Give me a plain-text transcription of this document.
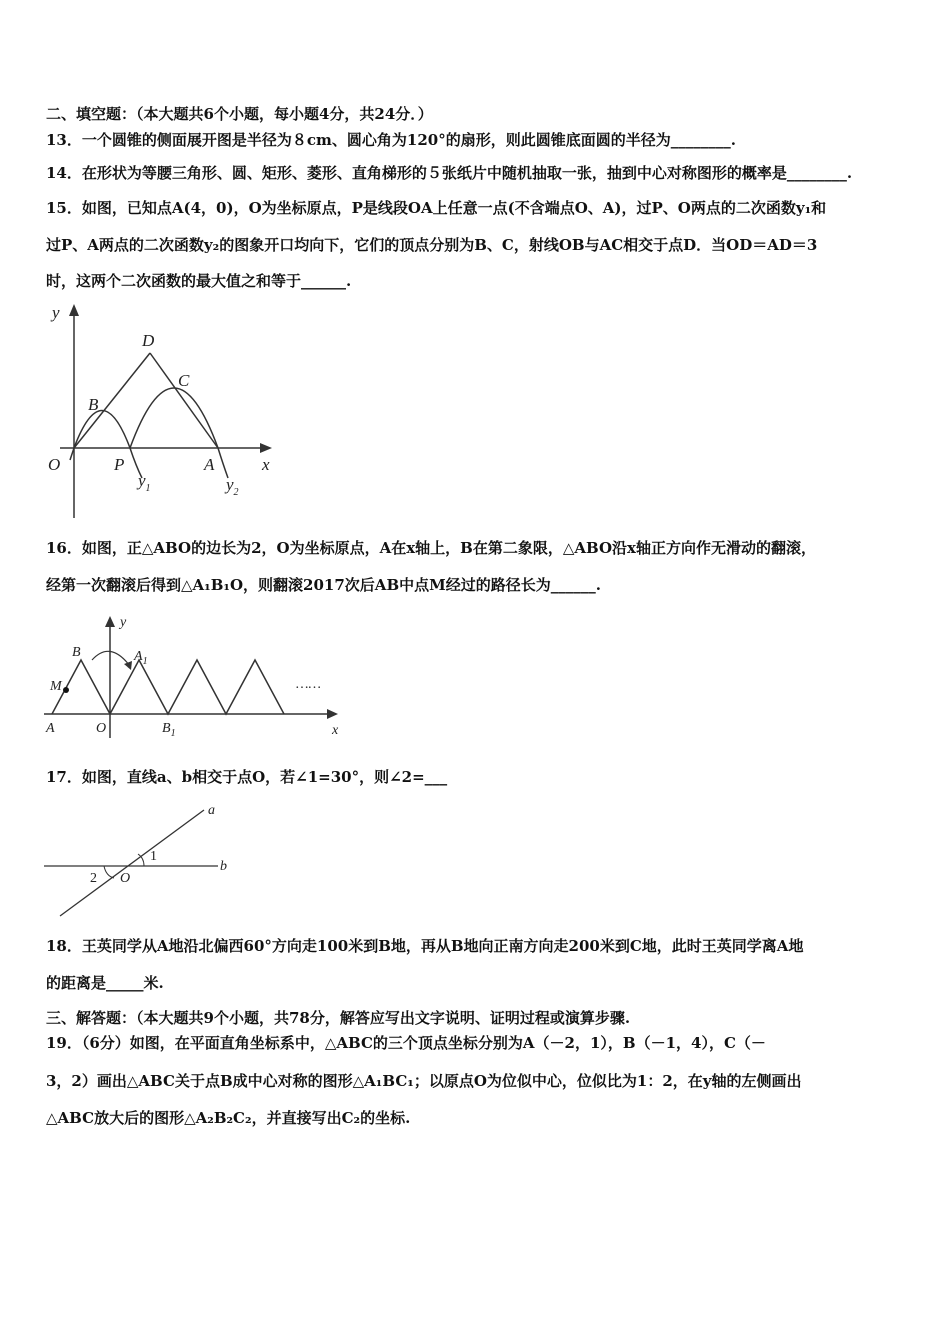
二、填空题：（本大题共6个小题，每小题4分，共24分．）
13．一个圆锥的侧面展开图是半径为８cm、圆心角为120°的扇形，则此圆锥底面圆的半径为________.
14．在形状为等腰三角形、圆、矩形、菱形、直角梯形的５张纸片中随机抽取一张，抽到中心对称图形的概率是________.
15．如图，已知点A(4，0)，O为坐标原点，P是线段OA上任意一点(不含端点O、A)，过P、O两点的二次函数y₁和
过P、A两点的二次函数y₂的图象开口均向下，它们的顶点分别为B、C，射线OB与AC相交于点D．当OD＝AD＝3
时，这两个二次函数的最大值之和等于______.
y
x
D
C
B
O	P	A
$y_1$	$y_2$
16．如图，正△ABO的边长为2，O为坐标原点，A在x轴上，B在第二象限，△ABO沿x轴正方向作无滑动的翻滚，
经第一次翻滚后得到△A₁B₁O，则翻滚2017次后AB中点M经过的路径长为______.
……
y
x
B	$A_1$
M
A	O	$B_1$
17．如图，直线a、b相交于点O，若∠1=30°，则∠2=___
a
b
1
2 O
18．王英同学从A地沿北偏西60°方向走100米到B地，再从B地向正南方向走200米到C地，此时王英同学离A地
的距离是_____米.
三、解答题：（本大题共9个小题，共78分，解答应写出文字说明、证明过程或演算步骤.
19．（6分）如图，在平面直角坐标系中，△ABC的三个顶点坐标分别为A（－2，1），B（－1，4），C（－
3，2）画出△ABC关于点B成中心对称的图形△A₁BC₁；以原点O为位似中心，位似比为1：2，在y轴的左侧画出
△ABC放大后的图形△A₂B₂C₂，并直接写出C₂的坐标.
